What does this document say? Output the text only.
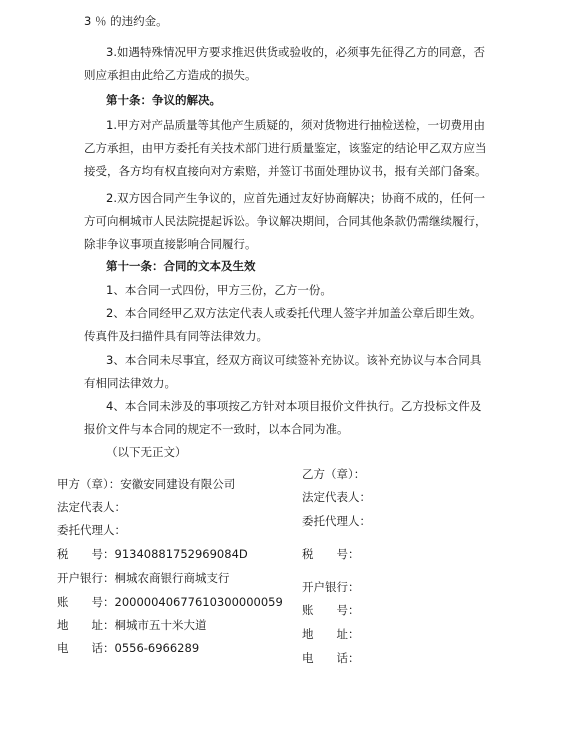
3 ％ 的违约金。
3.如遇特殊情况甲方要求推迟供货或验收的，必须事先征得乙方的同意，否
则应承担由此给乙方造成的损失。
第十条：争议的解决。
1.甲方对产品质量等其他产生质疑的，须对货物进行抽检送检，一切费用由
乙方承担，由甲方委托有关技术部门进行质量鉴定，该鉴定的结论甲乙双方应当
接受，各方均有权直接向对方索赔，并签订书面处理协议书，报有关部门备案。
2.双方因合同产生争议的，应首先通过友好协商解决；协商不成的，任何一
方可向桐城市人民法院提起诉讼。争议解决期间，合同其他条款仍需继续履行，
除非争议事项直接影响合同履行。
第十一条：合同的文本及生效
1、本合同一式四份，甲方三份，乙方一份。
2、本合同经甲乙双方法定代表人或委托代理人签字并加盖公章后即生效。
传真件及扫描件具有同等法律效力。
3、本合同未尽事宜，经双方商议可续签补充协议。该补充协议与本合同具
有相同法律效力。
4、本合同未涉及的事项按乙方针对本项目报价文件执行。乙方投标文件及
报价文件与本合同的规定不一致时，以本合同为准。
（以下无正文）
甲方（章）：安徽安同建设有限公司
法定代表人：
委托代理人：
税　　号：91340881752969084D
开户银行：桐城农商银行商城支行
账　　号：20000040677610300000059
地　　址：桐城市五十米大道
电　　话：0556-6966289
乙方（章）：
法定代表人：
委托代理人：
税　　号：
开户银行：
账　　号：
地　　址：
电　　话：
